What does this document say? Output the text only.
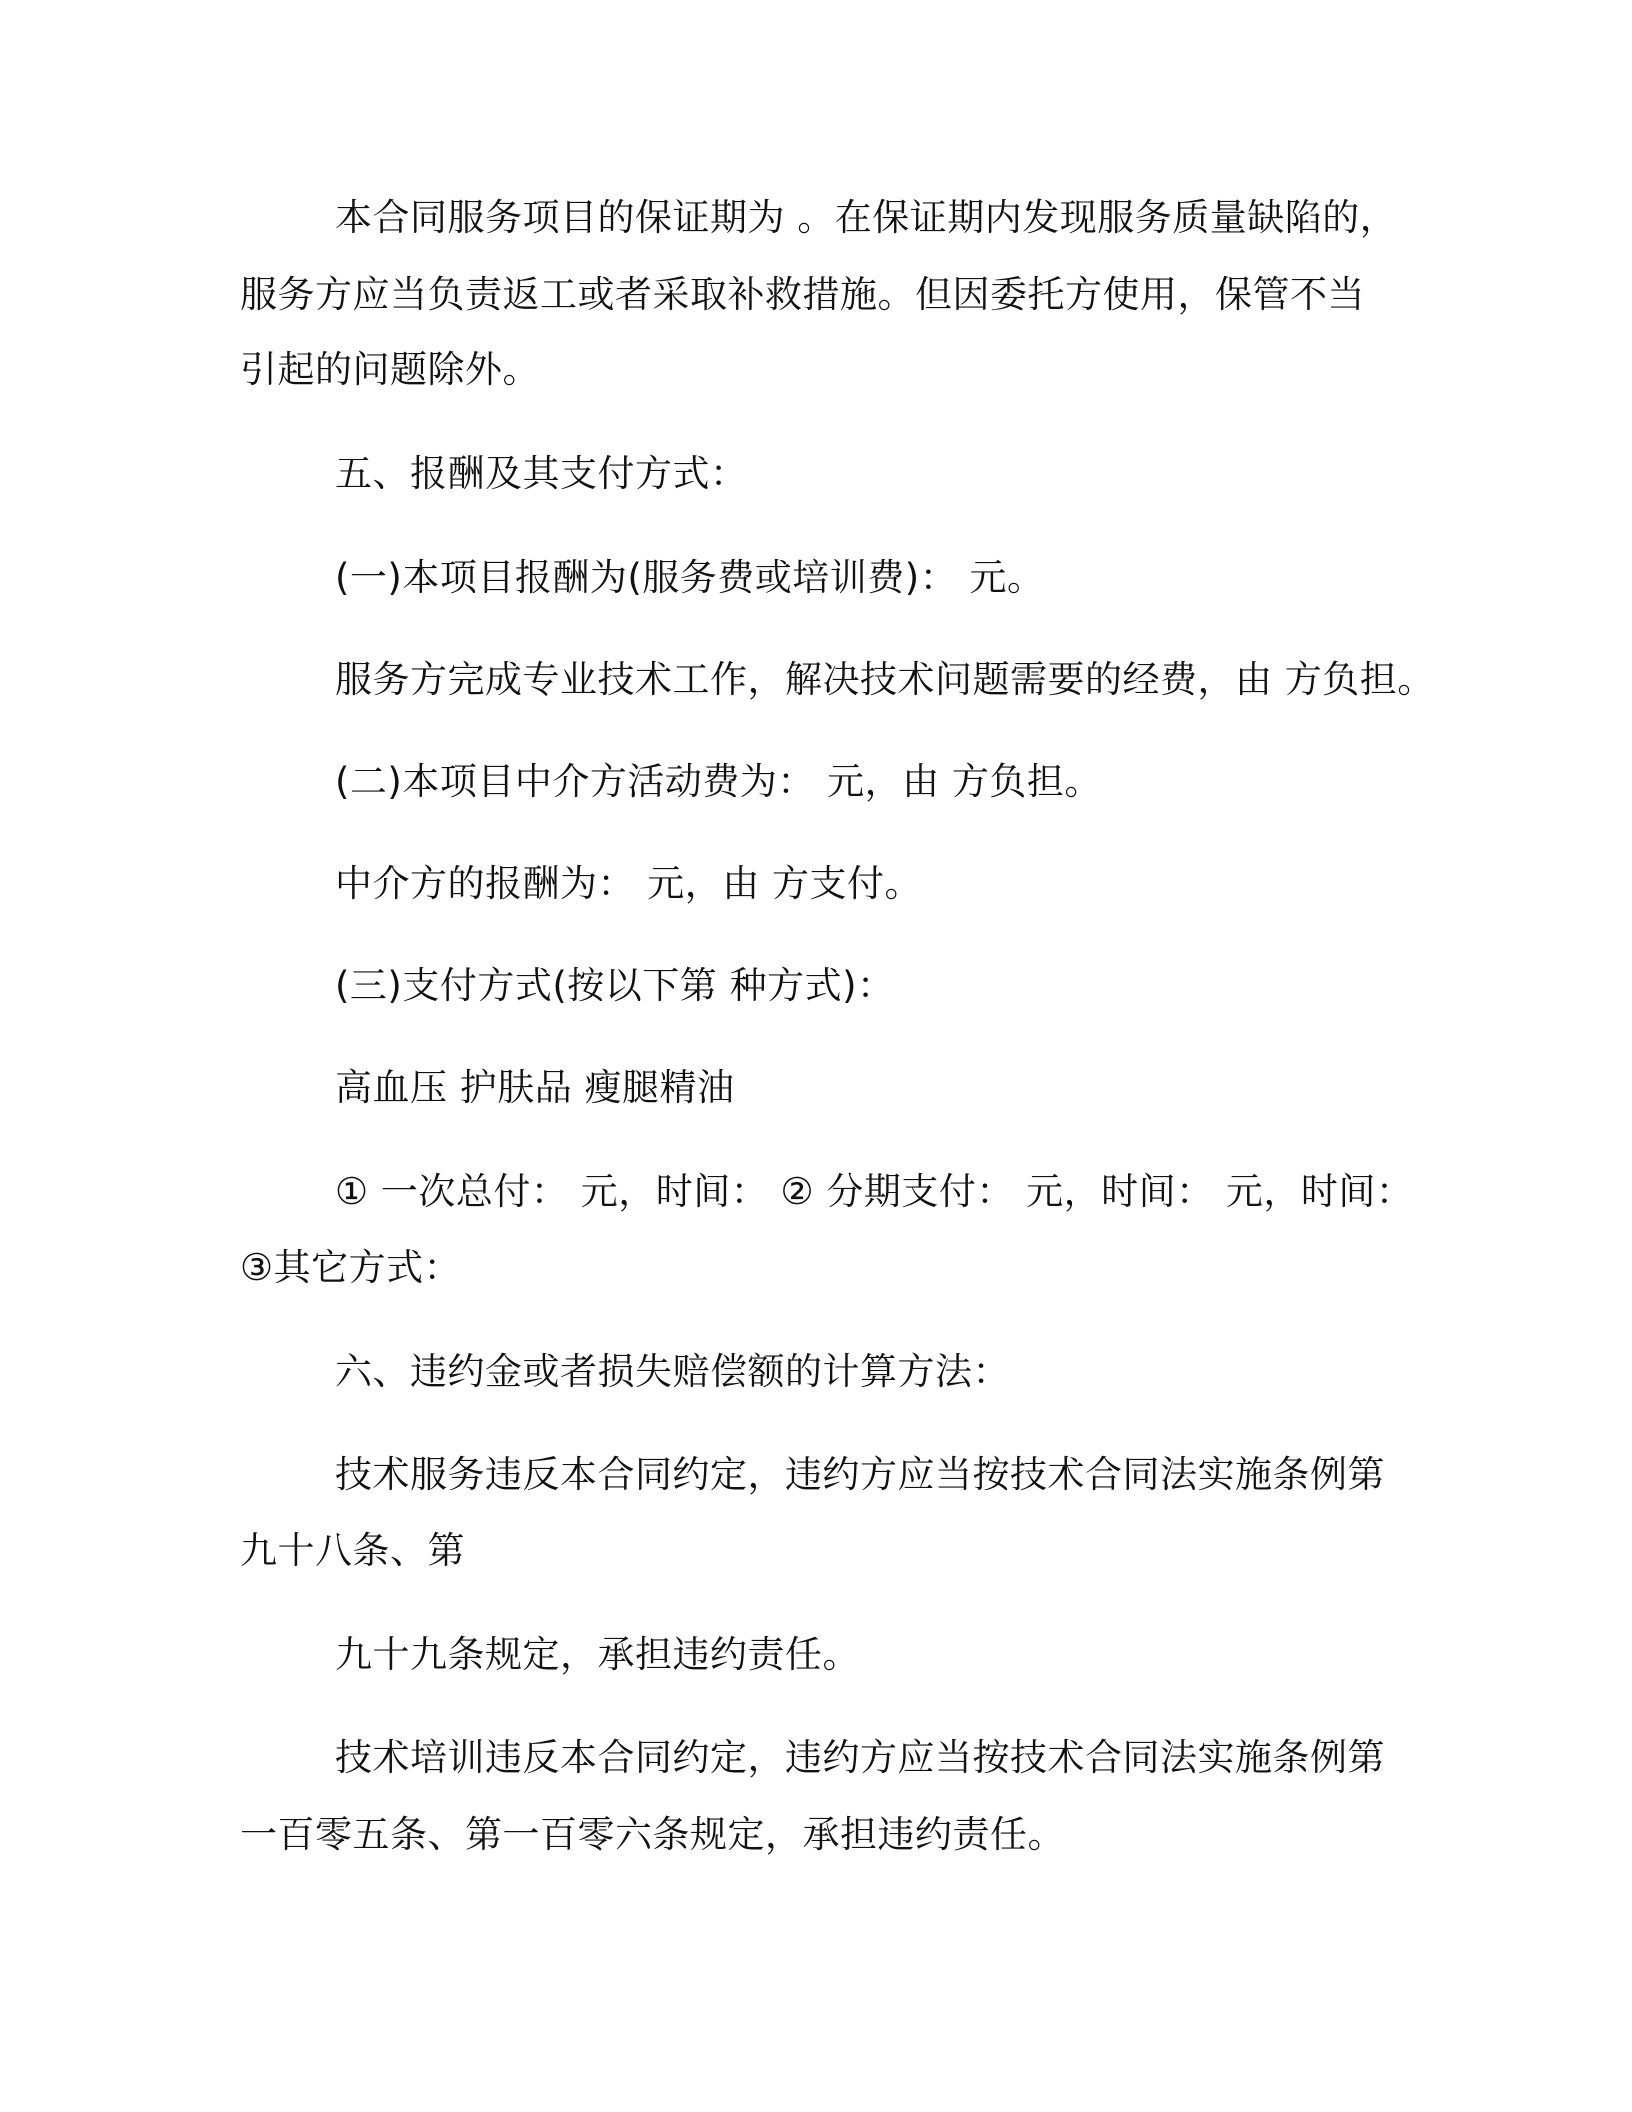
本合同服务项目的保证期为 。在保证期内发现服务质量缺陷的，
服务方应当负责返工或者采取补救措施。但因委托方使用，保管不当
引起的问题除外。
五、报酬及其支付方式：
(一)本项目报酬为(服务费或培训费)： 元。
服务方完成专业技术工作，解决技术问题需要的经费，由 方负担。
(二)本项目中介方活动费为： 元，由 方负担。
中介方的报酬为： 元，由 方支付。
(三)支付方式(按以下第 种方式)：
高血压 护肤品 瘦腿精油
① 一次总付： 元，时间： ② 分期支付： 元，时间： 元，时间：
③其它方式：
六、违约金或者损失赔偿额的计算方法：
技术服务违反本合同约定，违约方应当按技术合同法实施条例第
九十八条、第
九十九条规定，承担违约责任。
技术培训违反本合同约定，违约方应当按技术合同法实施条例第
一百零五条、第一百零六条规定，承担违约责任。
